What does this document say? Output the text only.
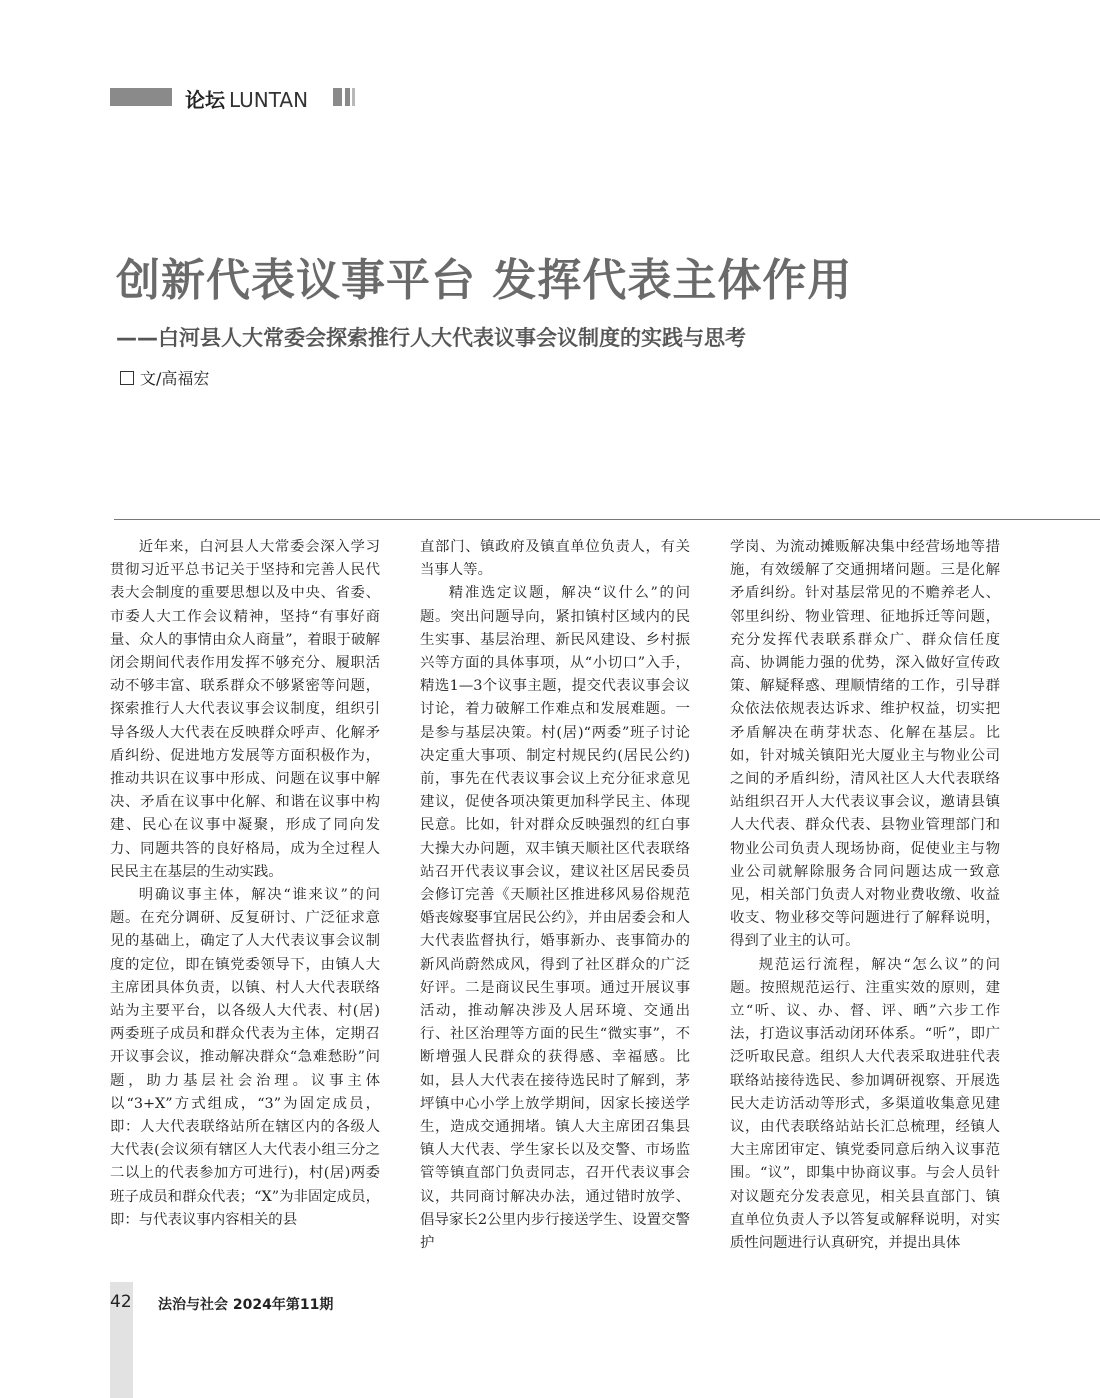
论坛 LUNTAN
创新代表议事平台 发挥代表主体作用
——白河县人大常委会探索推行人大代表议事会议制度的实践与思考
文/高福宏

近年来，白河县人大常委会深入学习贯彻习近平总书记关于坚持和完善人民代表大会制度的重要思想以及中央、省委、市委人大工作会议精神，坚持“有事好商量、众人的事情由众人商量”，着眼于破解闭会期间代表作用发挥不够充分、履职活动不够丰富、联系群众不够紧密等问题，探索推行人大代表议事会议制度，组织引导各级人大代表在反映群众呼声、化解矛盾纠纷、促进地方发展等方面积极作为，推动共识在议事中形成、问题在议事中解决、矛盾在议事中化解、和谐在议事中构建、民心在议事中凝聚，形成了同向发力、同题共答的良好格局，成为全过程人民民主在基层的生动实践。

明确议事主体，解决“谁来议”的问题。在充分调研、反复研讨、广泛征求意见的基础上，确定了人大代表议事会议制度的定位，即在镇党委领导下，由镇人大主席团具体负责，以镇、村人大代表联络站为主要平台，以各级人大代表、村(居)两委班子成员和群众代表为主体，定期召开议事会议，推动解决群众“急难愁盼”问题，助力基层社会治理。议事主体以“3+X”方式组成，“3”为固定成员，即：人大代表联络站所在辖区内的各级人大代表(会议须有辖区人大代表小组三分之二以上的代表参加方可进行)，村(居)两委班子成员和群众代表；“X”为非固定成员，即：与代表议事内容相关的县

直部门、镇政府及镇直单位负责人，有关当事人等。

精准选定议题，解决“议什么”的问题。突出问题导向，紧扣镇村区域内的民生实事、基层治理、新民风建设、乡村振兴等方面的具体事项，从“小切口”入手，精选1—3个议事主题，提交代表议事会议讨论，着力破解工作难点和发展难题。一是参与基层决策。村(居)“两委”班子讨论决定重大事项、制定村规民约(居民公约)前，事先在代表议事会议上充分征求意见建议，促使各项决策更加科学民主、体现民意。比如，针对群众反映强烈的红白事大操大办问题，双丰镇天顺社区代表联络站召开代表议事会议，建议社区居民委员会修订完善《天顺社区推进移风易俗规范婚丧嫁娶事宜居民公约》，并由居委会和人大代表监督执行，婚事新办、丧事简办的新风尚蔚然成风，得到了社区群众的广泛好评。二是商议民生事项。通过开展议事活动，推动解决涉及人居环境、交通出行、社区治理等方面的民生“微实事”，不断增强人民群众的获得感、幸福感。比如，县人大代表在接待选民时了解到，茅坪镇中心小学上放学期间，因家长接送学生，造成交通拥堵。镇人大主席团召集县镇人大代表、学生家长以及交警、市场监管等镇直部门负责同志，召开代表议事会议，共同商讨解决办法，通过错时放学、倡导家长2公里内步行接送学生、设置交警护

学岗、为流动摊贩解决集中经营场地等措施，有效缓解了交通拥堵问题。三是化解矛盾纠纷。针对基层常见的不赡养老人、邻里纠纷、物业管理、征地拆迁等问题，充分发挥代表联系群众广、群众信任度高、协调能力强的优势，深入做好宣传政策、解疑释惑、理顺情绪的工作，引导群众依法依规表达诉求、维护权益，切实把矛盾解决在萌芽状态、化解在基层。比如，针对城关镇阳光大厦业主与物业公司之间的矛盾纠纷，清风社区人大代表联络站组织召开人大代表议事会议，邀请县镇人大代表、群众代表、县物业管理部门和物业公司负责人现场协商，促使业主与物业公司就解除服务合同问题达成一致意见，相关部门负责人对物业费收缴、收益收支、物业移交等问题进行了解释说明，得到了业主的认可。

规范运行流程，解决“怎么议”的问题。按照规范运行、注重实效的原则，建立“听、议、办、督、评、晒”六步工作法，打造议事活动闭环体系。“听”，即广泛听取民意。组织人大代表采取进驻代表联络站接待选民、参加调研视察、开展选民大走访活动等形式，多渠道收集意见建议，由代表联络站站长汇总梳理，经镇人大主席团审定、镇党委同意后纳入议事范围。“议”，即集中协商议事。与会人员针对议题充分发表意见，相关县直部门、镇直单位负责人予以答复或解释说明，对实质性问题进行认真研究，并提出具体

42 法治与社会 2024年第11期
